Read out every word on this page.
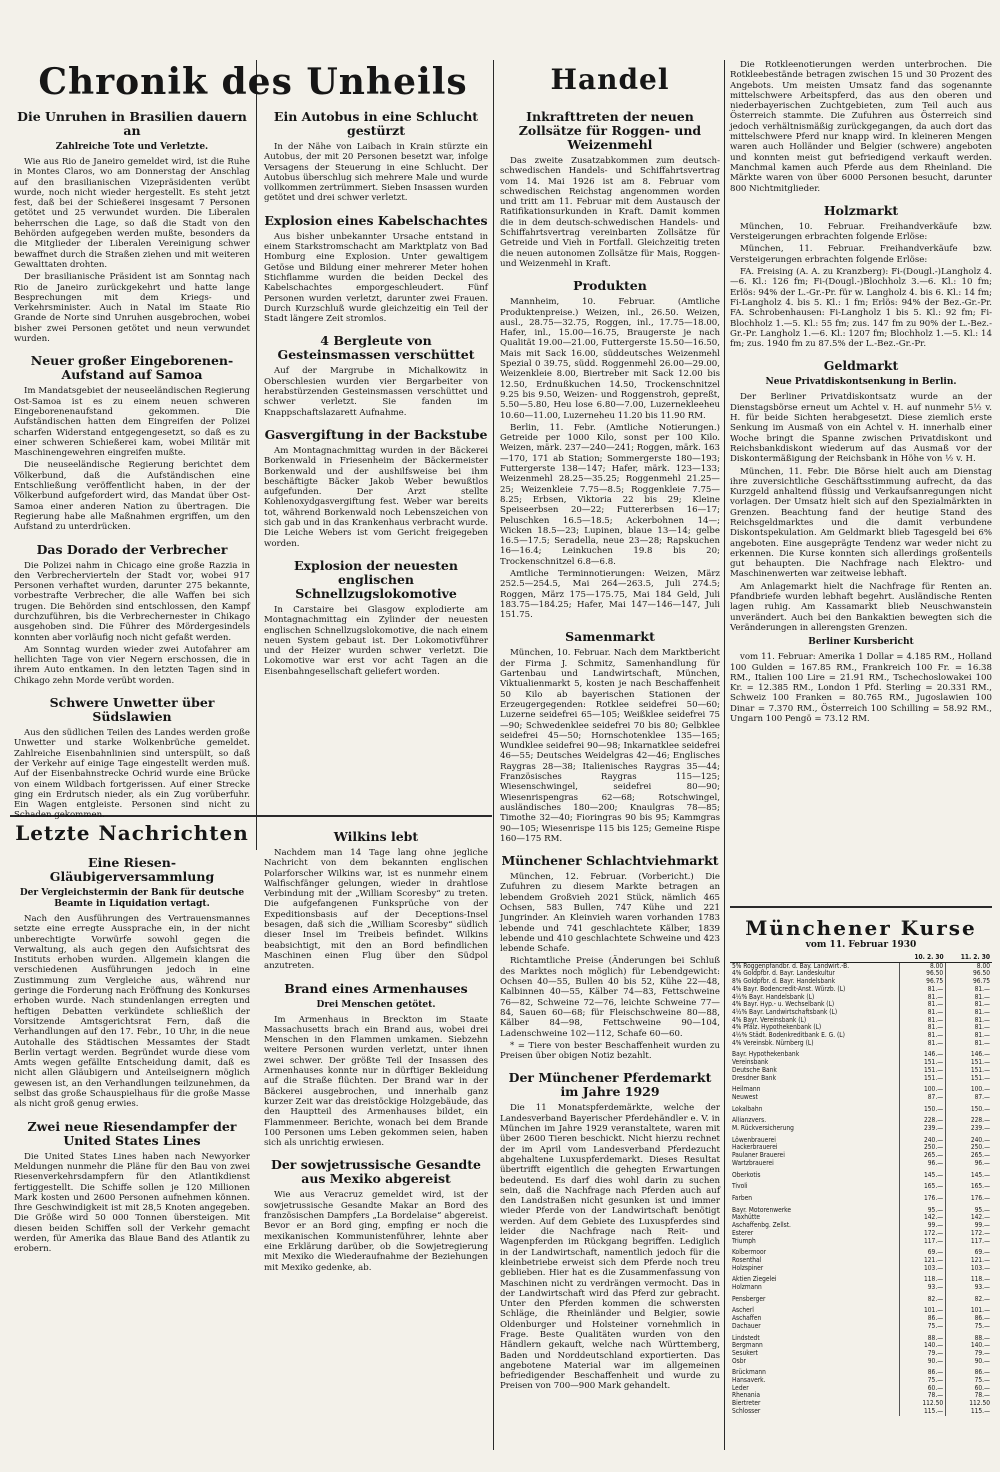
Chronik des Unheils
Die Unruhen in Brasilien dauern an
Zahlreiche Tote und Verletzte.

Wie aus Rio de Janeiro gemeldet wird, ist die Ruhe in Montes Claros, wo am Donnerstag der Anschlag auf den brasilianischen Vizepräsidenten verübt wurde, noch nicht wieder hergestellt. Es steht jetzt fest, daß bei der Schießerei insgesamt 7 Personen getötet und 25 verwundet wurden. Die Liberalen beherrschen die Lage, so daß die Stadt von den Behörden aufgegeben werden mußte, besonders da die Mitglieder der Liberalen Vereinigung schwer bewaffnet durch die Straßen ziehen und mit weiteren Gewalttaten drohten.

Der brasilianische Präsident ist am Sonntag nach Rio de Janeiro zurückgekehrt und hatte lange Besprechungen mit dem Kriegs- und Verkehrsminister. Auch in Natal im Staate Rio Grande de Norte sind Unruhen ausgebrochen, wobei bisher zwei Personen getötet und neun verwundet wurden.

Neuer großer Eingeborenen-Aufstand auf Samoa

Im Mandatsgebiet der neuseeländischen Regierung Ost-Samoa ist es zu einem neuen schweren Eingeborenenaufstand gekommen. Die Aufständischen hatten dem Eingreifen der Polizei scharfen Widerstand entgegengesetzt, so daß es zu einer schweren Schießerei kam, wobei Militär mit Maschinengewehren eingreifen mußte.

Die neuseeländische Regierung berichtet dem Völkerbund, daß die Aufständischen eine Entschließung veröffentlicht haben, in der der Völkerbund aufgefordert wird, das Mandat über Ost-Samoa einer anderen Nation zu übertragen. Die Regierung habe alle Maßnahmen ergriffen, um den Aufstand zu unterdrücken.

Das Dorado der Verbrecher

Die Polizei nahm in Chicago eine große Razzia in den Verbrechervierteln der Stadt vor, wobei 917 Personen verhaftet wurden, darunter 275 bekannte, vorbestrafte Verbrecher, die alle Waffen bei sich trugen. Die Behörden sind entschlossen, den Kampf durchzuführen, bis die Verbrechernester in Chikago ausgehoben sind. Die Führer des Mördergesindels konnten aber vorläufig noch nicht gefaßt werden.

Am Sonntag wurden wieder zwei Autofahrer am hellichten Tage von vier Negern erschossen, die in ihrem Auto entkamen. In den letzten Tagen sind in Chikago zehn Morde verübt worden.

Schwere Unwetter über Südslawien

Aus den südlichen Teilen des Landes werden große Unwetter und starke Wolkenbrüche gemeldet. Zahlreiche Eisenbahnlinien sind unterspült, so daß der Verkehr auf einige Tage eingestellt werden muß. Auf der Eisenbahnstrecke Ochrid wurde eine Brücke von einem Wildbach fortgerissen. Auf einer Strecke ging ein Erdrutsch nieder, als ein Zug vorüberfuhr. Ein Wagen entgleiste. Personen sind nicht zu Schaden gekommen.

Ein Autobus in eine Schlucht gestürzt

In der Nähe von Laibach in Krain stürzte ein Autobus, der mit 20 Personen besetzt war, infolge Versagens der Steuerung in eine Schlucht. Der Autobus überschlug sich mehrere Male und wurde vollkommen zertrümmert. Sieben Insassen wurden getötet und drei schwer verletzt.

Explosion eines Kabelschachtes

Aus bisher unbekannter Ursache entstand in einem Starkstromschacht am Marktplatz von Bad Homburg eine Explosion. Unter gewaltigem Getöse und Bildung einer mehrerer Meter hohen Stichflamme wurden die beiden Deckel des Kabelschachtes emporgeschleudert. Fünf Personen wurden verletzt, darunter zwei Frauen. Durch Kurzschluß wurde gleichzeitig ein Teil der Stadt längere Zeit stromlos.

4 Bergleute von Gesteinsmassen verschüttet

Auf der Margrube in Michalkowitz in Oberschlesien wurden vier Bergarbeiter von herabstürzenden Gesteinsmassen verschüttet und schwer verletzt. Sie fanden im Knappschaftslazarett Aufnahme.

Gasvergiftung in der Backstube

Am Montagnachmittag wurden in der Bäckerei Borkenwald in Friesenheim der Bäckermeister Borkenwald und der aushilfsweise bei ihm beschäftigte Bäcker Jakob Weber bewußtlos aufgefunden. Der Arzt stellte Kohlenoxydgasvergiftung fest. Weber war bereits tot, während Borkenwald noch Lebenszeichen von sich gab und in das Krankenhaus verbracht wurde. Die Leiche Webers ist vom Gericht freigegeben worden.

Explosion der neuesten englischen Schnellzugslokomotive

In Carstaire bei Glasgow explodierte am Montagnachmittag ein Zylinder der neuesten englischen Schnellzugslokomotive, die nach einem neuen System gebaut ist. Der Lokomotivführer und der Heizer wurden schwer verletzt. Die Lokomotive war erst vor acht Tagen an die Eisenbahngesellschaft geliefert worden.

Letzte Nachrichten
Eine Riesen-Gläubigerversammlung
Der Vergleichstermin der Bank für deutsche Beamte in Liquidation vertagt.

Nach den Ausführungen des Vertrauensmannes setzte eine erregte Aussprache ein, in der nicht unberechtigte Vorwürfe sowohl gegen die Verwaltung, als auch gegen den Aufsichtsrat des Instituts erhoben wurden. Allgemein klangen die verschiedenen Ausführungen jedoch in eine Zustimmung zum Vergleiche aus, während nur geringe die Forderung nach Eröffnung des Konkurses erhoben wurde. Nach stundenlangen erregten und heftigen Debatten verkündete schließlich der Vorsitzende Amtsgerichtsrat Fern, daß die Verhandlungen auf den 17. Febr., 10 Uhr, in die neue Autohalle des Städtischen Messamtes der Stadt Berlin vertagt werden. Begründet wurde diese vom Amts wegen gefällte Entscheidung damit, daß es nicht allen Gläubigern und Anteilseignern möglich gewesen ist, an den Verhandlungen teilzunehmen, da selbst das große Schauspielhaus für die große Masse als nicht groß genug erwies.

Zwei neue Riesendampfer der United States Lines

Die United States Lines haben nach Newyorker Meldungen nunmehr die Pläne für den Bau von zwei Riesenverkehrsdampfern für den Atlantikdienst fertiggestellt. Die Schiffe sollen je 120 Millionen Mark kosten und 2600 Personen aufnehmen können. Ihre Geschwindigkeit ist mit 28,5 Knoten angegeben. Die Größe wird 50 000 Tonnen übersteigen. Mit diesen beiden Schiffen soll der Verkehr gemacht werden, für Amerika das Blaue Band des Atlantik zu erobern.

Wilkins lebt

Nachdem man 14 Tage lang ohne jegliche Nachricht von dem bekannten englischen Polarforscher Wilkins war, ist es nunmehr einem Walfischfänger gelungen, wieder in drahtlose Verbindung mit der „William Scoresby“ zu treten. Die aufgefangenen Funksprüche von der Expeditionsbasis auf der Deceptions-Insel besagen, daß sich die „William Scoresby“ südlich dieser Insel im Treibeis befindet. Wilkins beabsichtigt, mit den an Bord befindlichen Maschinen einen Flug über den Südpol anzutreten.

Brand eines Armenhauses
Drei Menschen getötet.

Im Armenhaus in Breckton im Staate Massachusetts brach ein Brand aus, wobei drei Menschen in den Flammen umkamen. Siebzehn weitere Personen wurden verletzt, unter ihnen zwei schwer. Der größte Teil der Insassen des Armenhauses konnte nur in dürftiger Bekleidung auf die Straße flüchten. Der Brand war in der Bäckerei ausgebrochen, und innerhalb ganz kurzer Zeit war das dreistöckige Holzgebäude, das den Hauptteil des Armenhauses bildet, ein Flammenmeer. Berichte, wonach bei dem Brande 100 Personen ums Leben gekommen seien, haben sich als unrichtig erwiesen.

Der sowjetrussische Gesandte aus Mexiko abgereist

Wie aus Veracruz gemeldet wird, ist der sowjetrussische Gesandte Makar an Bord des französischen Dampfers „La Bordelaise“ abgereist. Bevor er an Bord ging, empfing er noch die mexikanischen Kommunistenführer, lehnte aber eine Erklärung darüber, ob die Sowjetregierung mit Mexiko die Wiederaufnahme der Beziehungen mit Mexiko gedenke, ab.

Handel
Inkrafttreten der neuen Zollsätze für Roggen- und Weizenmehl

Das zweite Zusatzabkommen zum deutsch-schwedischen Handels- und Schiffahrtsvertrag vom 14. Mai 1926 ist am 8. Februar vom schwedischen Reichstag angenommen worden und tritt am 11. Februar mit dem Austausch der Ratifikationsurkunden in Kraft. Damit kommen die in dem deutsch-schwedischen Handels- und Schiffahrtsvertrag vereinbarten Zollsätze für Getreide und Vieh in Fortfall. Gleichzeitig treten die neuen autonomen Zollsätze für Mais, Roggen- und Weizenmehl in Kraft.

Produkten

Mannheim, 10. Februar. (Amtliche Produktenpreise.) Weizen, inl., 26.50. Weizen, ausl., 28.75—32.75, Roggen, inl., 17.75—18.00, Hafer, inl., 15.00—16.75, Braugerste je nach Qualität 19.00—21.00, Futtergerste 15.50—16.50, Mais mit Sack 16.00, süddeutsches Weizenmehl Spezial 0 39.75, südd. Roggenmehl 26.00—29.00, Weizenkleie 8.00, Biertreber mit Sack 12.00 bis 12.50, Erdnußkuchen 14.50, Trockenschnitzel 9.25 bis 9.50, Weizen- und Roggenstroh, gepreßt, 5.50—5.80, Heu lose 6.80—7.00, Luzernekleeheu 10.60—11.00, Luzerneheu 11.20 bis 11.90 RM.

Berlin, 11. Febr. (Amtliche Notierungen.) Getreide per 1000 Kilo, sonst per 100 Kilo. Weizen, märk. 237—240—241; Roggen, märk. 163—170, 171 ab Station; Sommergerste 180—193; Futtergerste 138—147; Hafer, märk. 123—133; Weizenmehl 28.25—35.25; Roggenmehl 21.25—25; Weizenkleie 7.75—8.5; Roggenkleie 7.75—8.25; Erbsen, Viktoria 22 bis 29; Kleine Speiseerbsen 20—22; Futtererbsen 16—17; Peluschken 16.5—18.5; Ackerbohnen 14—; Wicken 18.5—23; Lupinen, blaue 13—14; gelbe 16.5—17.5; Seradella, neue 23—28; Rapskuchen 16—16.4; Leinkuchen 19.8 bis 20; Trockenschnitzel 6.8—6.8.

Amtliche Terminnotierungen: Weizen, März 252.5—254.5, Mai 264—263.5, Juli 274.5; Roggen, März 175—175.75, Mai 184 Geld, Juli 183.75—184.25; Hafer, Mai 147—146—147, Juli 151.75.

Samenmarkt

München, 10. Februar. Nach dem Marktbericht der Firma J. Schmitz, Samenhandlung für Gartenbau und Landwirtschaft, München, Viktualienmarkt 5, kosten je nach Beschaffenheit 50 Kilo ab bayerischen Stationen der Erzeugergegenden: Rotklee seidefrei 50—60; Luzerne seidefrei 65—105; Weißklee seidefrei 75—90; Schwedenklee seidefrei 70 bis 80; Gelbklee seidefrei 45—50; Hornschotenklee 135—165; Wundklee seidefrei 90—98; Inkarnatklee seidefrei 46—55; Deutsches Weidelgras 42—46; Englisches Raygras 28—38; Italienisches Raygras 35—44; Französisches Raygras 115—125; Wiesenschwingel, seidefrei 80—90; Wiesenrispengras 62—68; Rotschwingel, ausländisches 180—200; Knaulgras 78—85; Timothe 32—40; Fioringras 90 bis 95; Kammgras 90—105; Wiesenrispe 115 bis 125; Gemeine Rispe 160—175 RM.

Münchener Schlachtviehmarkt

München, 12. Februar. (Vorbericht.) Die Zufuhren zu diesem Markte betragen an lebendem Großvieh 2021 Stück, nämlich 465 Ochsen, 583 Bullen, 747 Kühe und 221 Jungrinder. An Kleinvieh waren vorhanden 1783 lebende und 741 geschlachtete Kälber, 1839 lebende und 410 geschlachtete Schweine und 423 lebende Schafe.

Richtamtliche Preise (Änderungen bei Schluß des Marktes noch möglich) für Lebendgewicht: Ochsen 40—55, Bullen 40 bis 52, Kühe 22—48, Kalbinnen 40—55, Kälber 74—83, Fettschweine 76—82, Schweine 72—76, leichte Schweine 77—84, Sauen 60—68; für Fleischschweine 80—88, Kälber 84—98, Fettschweine 90—104, Ladenschweine 102—112, Schafe 60—60.

* = Tiere von bester Beschaffenheit wurden zu Preisen über obigen Notiz bezahlt.

Der Münchener Pferdemarkt im Jahre 1929

Die 11 Monatspferdemärkte, welche der Landesverband Bayerischer Pferdehändler e. V. in München im Jahre 1929 veranstaltete, waren mit über 2600 Tieren beschickt. Nicht hierzu rechnet der im April vom Landesverband Pferdezucht abgehaltene Luxuspferdemarkt. Dieses Resultat übertrifft eigentlich die gehegten Erwartungen bedeutend. Es darf dies wohl darin zu suchen sein, daß die Nachfrage nach Pferden auch auf den Landstraßen nicht gesunken ist und immer wieder Pferde von der Landwirtschaft benötigt werden. Auf dem Gebiete des Luxuspferdes sind leider die Nachfrage nach Reit- und Wagenpferden im Rückgang begriffen. Lediglich in der Landwirtschaft, namentlich jedoch für die kleinbetriebe erweist sich dem Pferde noch treu geblieben. Hier hat es die Zusammenfassung von Maschinen nicht zu verdrängen vermocht. Das in der Landwirtschaft wird das Pferd zur gebracht. Unter den Pferden kommen die schwersten Schläge, die Rheinländer und Belgier, sowie Oldenburger und Holsteiner vornehmlich in Frage. Beste Qualitäten wurden von den Händlern gekauft, welche nach Württemberg, Baden und Norddeutschland exportierten. Das angebotene Material war im allgemeinen befriedigender Beschaffenheit und wurde zu Preisen von 700—900 Mark gehandelt.

Die Rotkleenotierungen werden unterbrochen. Die Rotkleebestände betragen zwischen 15 und 30 Prozent des Angebots. Um meisten Umsatz fand das sogenannte mittelschwere Arbeitspferd, das aus den oberen und niederbayerischen Zuchtgebieten, zum Teil auch aus Österreich stammte. Die Zufuhren aus Österreich sind jedoch verhältnismäßig zurückgegangen, da auch dort das mittelschwere Pferd nur knapp wird. In kleineren Mengen waren auch Holländer und Belgier (schwere) angeboten und konnten meist gut befriedigend verkauft werden. Manchmal kamen auch Pferde aus dem Rheinland. Die Märkte waren von über 6000 Personen besucht, darunter 800 Nichtmitglieder.

Holzmarkt

München, 10. Februar. Freihandverkäufe bzw. Versteigerungen erbrachten folgende Erlöse:

München, 11. Februar. Freihandverkäufe bzw. Versteigerungen erbrachten folgende Erlöse:

FA. Freising (A. A. zu Kranzberg): Fi-(Dougl.-)Langholz 4.—6. Kl.: 126 fm; Fi-(Dougl.-)Blochholz 3.—6. Kl.: 10 fm; Erlös: 94% der L.-Gr.-Pr. für w. Langholz 4. bis 6. Kl.: 14 fm; Fi-Langholz 4. bis 5. Kl.: 1 fm; Erlös: 94% der Bez.-Gr.-Pr. FA. Schrobenhausen: Fi-Langholz 1 bis 5. Kl.: 92 fm; Fi-Blochholz 1.—5. Kl.: 55 fm; zus. 147 fm zu 90% der L.-Bez.-Gr.-Pr. Langholz 1.—6. Kl.: 1207 fm; Blochholz 1.—5. Kl.: 14 fm; zus. 1940 fm zu 87.5% der L.-Bez.-Gr.-Pr.

Geldmarkt
Neue Privatdiskontsenkung in Berlin.

Der Berliner Privatdiskontsatz wurde an der Dienstagsbörse erneut um Achtel v. H. auf nunmehr 5½ v. H. für beide Sichten herabgesetzt. Diese ziemlich erste Senkung im Ausmaß von ein Achtel v. H. innerhalb einer Woche bringt die Spanne zwischen Privatdiskont und Reichsbankdiskont wiederum auf das Ausmaß vor der Diskontermäßigung der Reichsbank in Höhe von ½ v. H.

München, 11. Febr. Die Börse hielt auch am Dienstag ihre zuversichtliche Geschäftsstimmung aufrecht, da das Kurzgeld anhaltend flüssig und Verkaufsanregungen nicht vorlagen. Der Umsatz hielt sich auf den Spezialmärkten in Grenzen. Beachtung fand der heutige Stand des Reichsgeldmarktes und die damit verbundene Diskontspekulation. Am Geldmarkt blieb Tagesgeld bei 6% angeboten. Eine ausgeprägte Tendenz war weder nicht zu erkennen. Die Kurse konnten sich allerdings großenteils gut behaupten. Die Nachfrage nach Elektro- und Maschinenwerten war zeitweise lebhaft.

Am Anlagemarkt hielt die Nachfrage für Renten an. Pfandbriefe wurden lebhaft begehrt. Ausländische Renten lagen ruhig. Am Kassamarkt blieb Neuschwanstein unverändert. Auch bei den Bankaktien bewegten sich die Veränderungen in allerengsten Grenzen.

Berliner Kursbericht

vom 11. Februar: Amerika 1 Dollar = 4.185 RM., Holland 100 Gulden = 167.85 RM., Frankreich 100 Fr. = 16.38 RM., Italien 100 Lire = 21.91 RM., Tschechoslowakei 100 Kr. = 12.385 RM., London 1 Pfd. Sterling = 20.331 RM., Schweiz 100 Franken = 80.765 RM., Jugoslawien 100 Dinar = 7.370 RM., Österreich 100 Schilling = 58.92 RM., Ungarn 100 Pengö = 73.12 RM.

Münchener Kurse
vom 11. Februar 1930
	10. 2. 30	11. 2. 30
5% Roggenpfandbr. d. Bay. Landwirt.-B.	8.00	8.00
4% Goldpfbr. d. Bayr. Landeskultur	96.50	96.50
8% Goldpfbr. d. Bayr. Handelsbank	96.75	96.75
4% Bayr. Bodencredit-Anst. Würzb. (L)	81.—	81.—
4½% Bayr. Handelsbank (L)	81.—	81.—
4% Bayr. Hyp.- u. Wechselbank (L)	81.—	81.—
4½% Bayr. Landwirtschaftsbank (L)	81.—	81.—
4% Bayr. Vereinsbank (L)	81.—	81.—
4% Pfälz. Hypothekenbank (L)	81.—	81.—
4½% Städt. Bodenkreditbank E. G. (L)	81.—	81.—
4% Vereinsbk. Nürnberg (L)	81.—	81.—

Bayr. Hypothekenbank	146.—	146.—
Vereinsbank	151.—	151.—
Deutsche Bank	151.—	151.—
Dresdner Bank	151.—	151.—

Heilmann	100.—	100.—
Neuwest	87.—	87.—

Lokalbahn	150.—	150.—

Allianzvers.	228.—	228.—
M. Rückversicherung	239.—	239.—

Löwenbrauerei	240.—	240.—
Hackerbrauerei	250.—	250.—
Paulaner Brauerei	265.—	265.—
Wartzbrauerei	96.—	96.—

Oberkotis	145.—	145.—

Tivoli	165.—	165.—

Farben	176.—	176.—

Bayr. Motorenwerke	95.—	95.—
Maxhütte	142.—	142.—
Aschaffenbg. Zellst.	99.—	99.—
Esterer	172.—	172.—
Triumph	117.—	117.—

Kolbermoor	69.—	69.—
Rosenthal	121.—	121.—
Holzspiner	103.—	103.—

Aktien Ziegelei	118.—	118.—
Holzmann	93.—	93.—

Pensberger	82.—	82.—

Ascherl	101.—	101.—
Aschaffen	86.—	86.—
Dachauer	75.—	75.—

Lindstedt	88.—	88.—
Bergmann	140.—	140.—
Sesukert	79.—	79.—
Osbr	90.—	90.—

Brückmann	86.—	86.—
Hansaverk.	75.—	75.—
Leder	60.—	60.—
Rhenania	78.—	78.—
Biertreter	112.50	112.50
Schlosser	115.—	115.—
